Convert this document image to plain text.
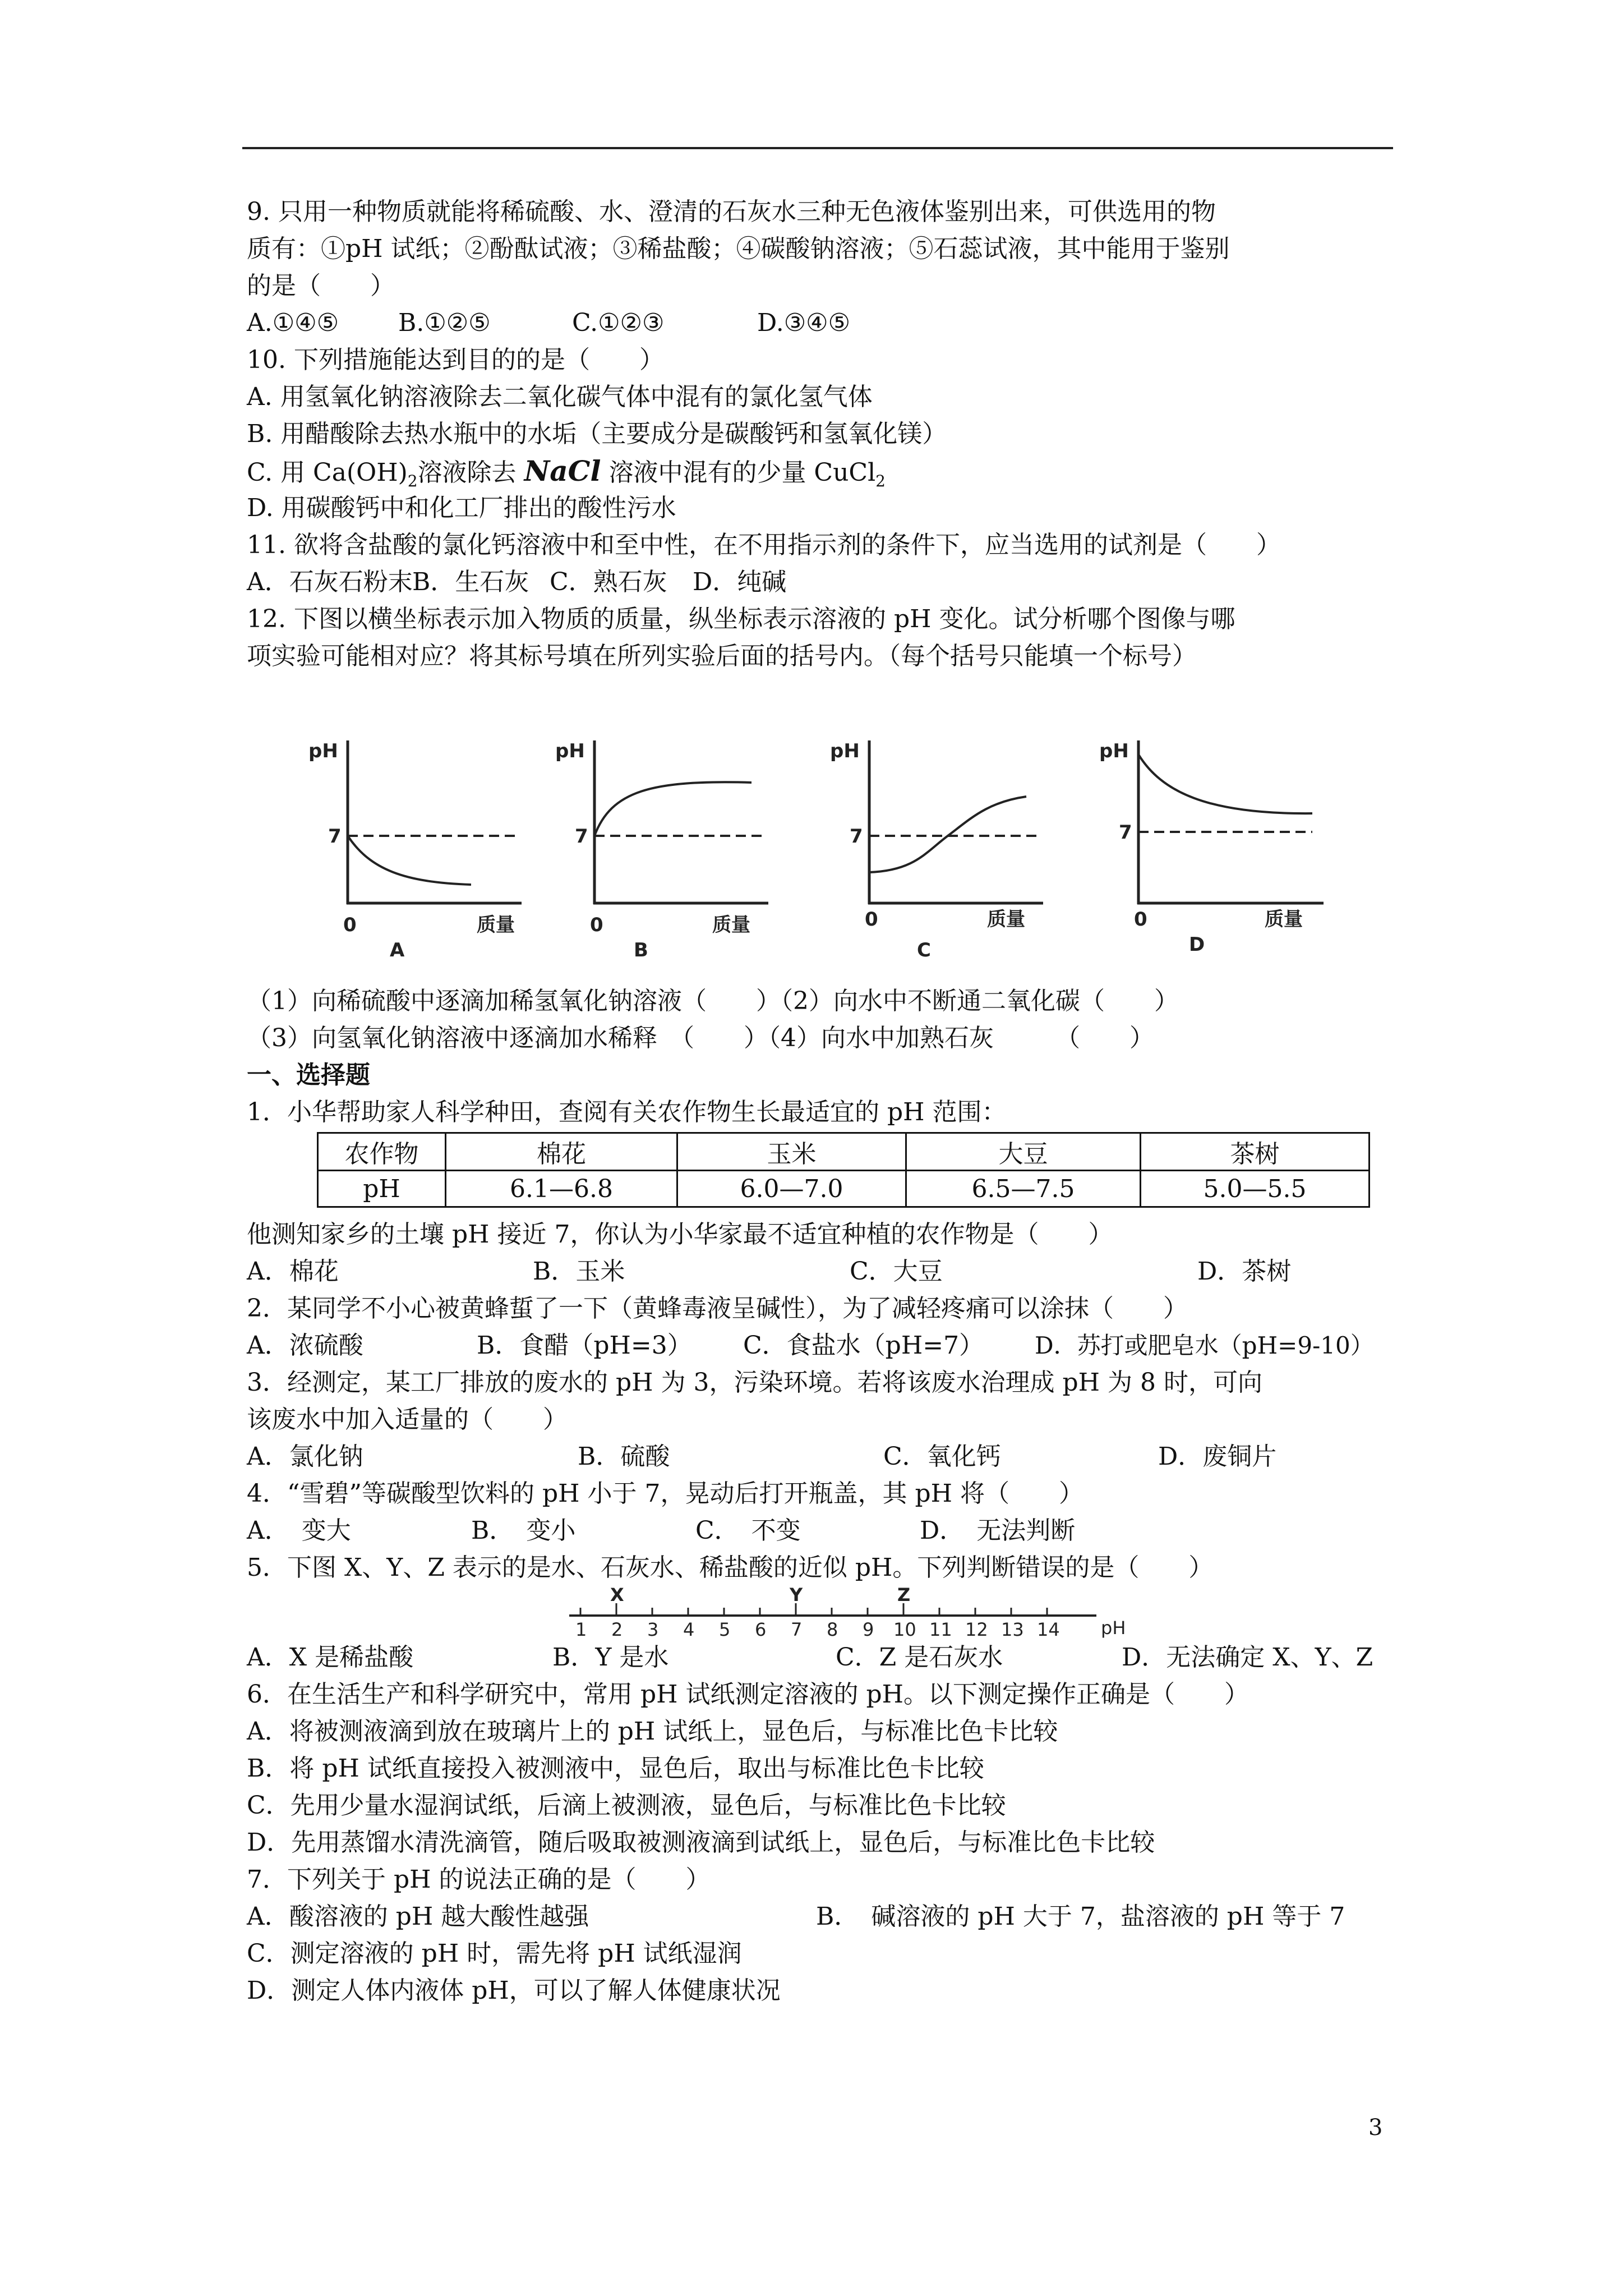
9. 只用一种物质就能将稀硫酸、水、澄清的石灰水三种无色液体鉴别出来，可供选用的物
质有：①pH 试纸；②酚酞试液；③稀盐酸；④碳酸钠溶液；⑤石蕊试液，其中能用于鉴别
的是（　　）
A.①④⑤	B.①②⑤	C.①②③	D.③④⑤
10. 下列措施能达到目的的是（　　）
A. 用氢氧化钠溶液除去二氧化碳气体中混有的氯化氢气体
B. 用醋酸除去热水瓶中的水垢（主要成分是碳酸钙和氢氧化镁）
C. 用 $Ca(OH)_2$溶液除去 NaCl 溶液中混有的少量 CuCl$_2$
D. 用碳酸钙中和化工厂排出的酸性污水
11. 欲将含盐酸的氯化钙溶液中和至中性，在不用指示剂的条件下，应当选用的试剂是（　　）
A．石灰石粉末 B．生石灰 C．熟石灰	D．纯碱
12. 下图以横坐标表示加入物质的质量，纵坐标表示溶液的 pH 变化。试分析哪个图像与哪
项实验可能相对应？将其标号填在所列实验后面的括号内。（每个括号只能填一个标号）
pH
7
0	质量
A
pH
7
0	质量
B
pH
7
0	质量
C
pH
7
0	质量
D
（1）向稀硫酸中逐滴加稀氢氧化钠溶液（　　）（2）向水中不断通二氧化碳（　　）
（3）向氢氧化钠溶液中逐滴加水稀释　（　　）（4）向水中加熟石灰　　　（　　）
一、选择题
1．小华帮助家人科学种田，查阅有关农作物生长最适宜的 pH 范围：
农作物	棉花	玉米	大豆	茶树
pH	6.1—6.8	6.0—7.0	6.5—7.5	5.0—5.5
他测知家乡的土壤 pH 接近 7，你认为小华家最不适宜种植的农作物是（　　）
A．棉花	B．玉米	C．大豆	D．茶树
2．某同学不小心被黄蜂蜇了一下（黄蜂毒液呈碱性），为了减轻疼痛可以涂抹（　　）
A．浓硫酸	B．食醋（pH=3）	C．食盐水（pH=7）	D．苏打或肥皂水（pH=9-10）
3．经测定，某工厂排放的废水的 pH 为 3，污染环境。若将该废水治理成 pH 为 8 时，可向
该废水中加入适量的（　　）
A．氯化钠	B．硫酸	C．氧化钙	D．废铜片
4．“雪碧”等碳酸型饮料的 pH 小于 7，晃动后打开瓶盖，其 pH 将（　　）
A．　变大	B．　变小	C．　不变	D．　无法判断
5．下图 X、Y、Z 表示的是水、石灰水、稀盐酸的近似 pH。下列判断错误的是（　　）
1 2 3 4 5 6 7 8 9 10 11 12 13 14
X	Y	Z
pH
A．X 是稀盐酸	B．Y 是水	C．Z 是石灰水	D．无法确定 X、Y、Z
6．在生活生产和科学研究中，常用 pH 试纸测定溶液的 pH。以下测定操作正确是（　　）
A．将被测液滴到放在玻璃片上的 pH 试纸上，显色后，与标准比色卡比较
B．将 pH 试纸直接投入被测液中，显色后，取出与标准比色卡比较
C．先用少量水湿润试纸，后滴上被测液，显色后，与标准比色卡比较
D．先用蒸馏水清洗滴管，随后吸取被测液滴到试纸上，显色后，与标准比色卡比较
7．下列关于 pH 的说法正确的是（　　）
A．酸溶液的 pH 越大酸性越强	B．　碱溶液的 pH 大于 7，盐溶液的 pH 等于 7
C．测定溶液的 pH 时，需先将 pH 试纸湿润
D．测定人体内液体 pH，可以了解人体健康状况
3
